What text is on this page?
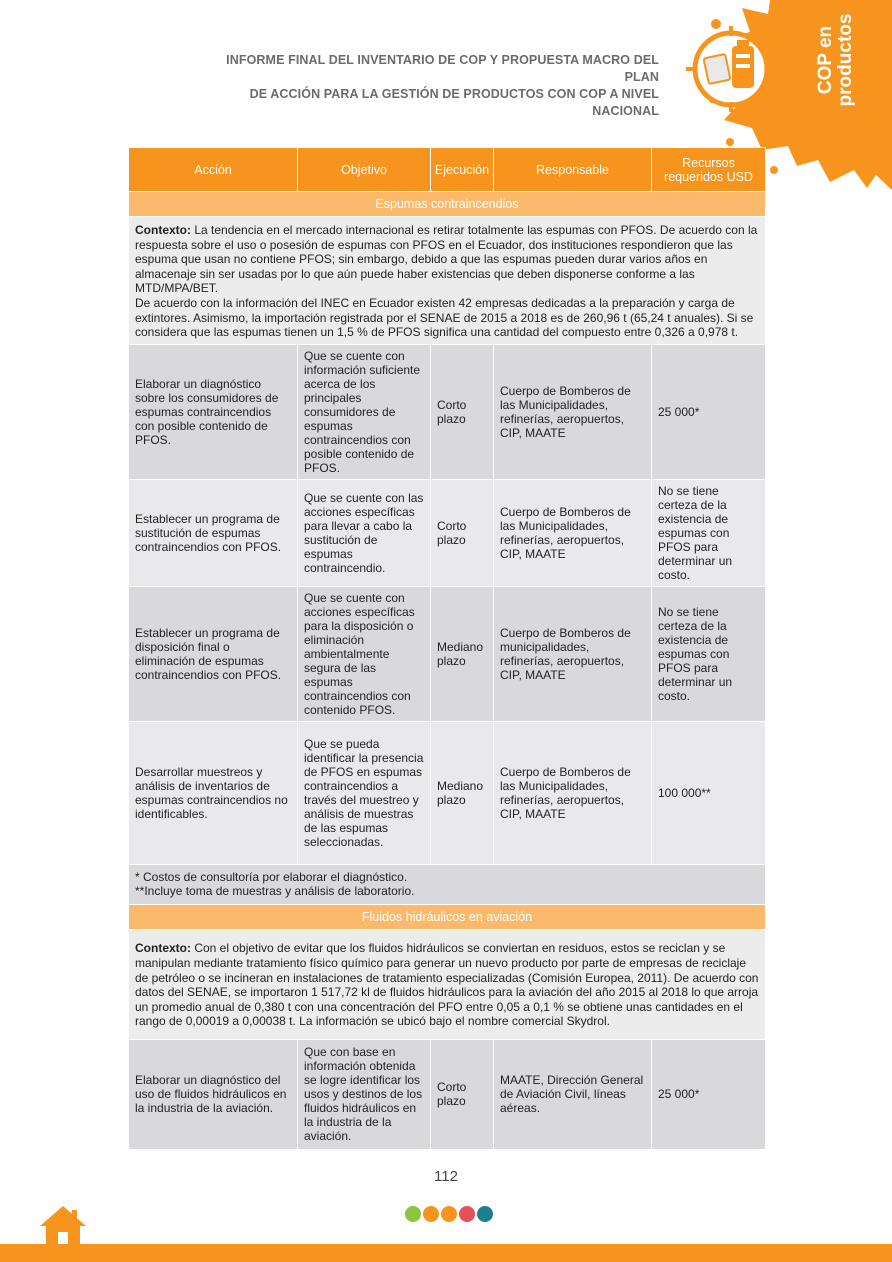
INFORME FINAL DEL INVENTARIO DE COP Y PROPUESTA MACRO DEL PLAN
DE ACCIÓN PARA LA GESTIÓN DE PRODUCTOS CON COP A NIVEL NACIONAL
COP en productos
Acción	Objetivo	Ejecución	Responsable	Recursos requeridos USD
Espumas contraincendios				
Contexto: La tendencia en el mercado internacional es retirar totalmente las espumas con PFOS. De acuerdo con la respuesta sobre el uso o posesión de espumas con PFOS en el Ecuador, dos instituciones respondieron que las espuma que usan no contiene PFOS; sin embargo, debido a que las espumas pueden durar varios años en almacenaje sin ser usadas por lo que aún puede haber existencias que deben disponerse conforme a las MTD/MPA/BET.
De acuerdo con la información del INEC en Ecuador existen 42 empresas dedicadas a la preparación y carga de extintores. Asimismo, la importación registrada por el SENAE de 2015 a 2018 es de 260,96 t (65,24 t anuales). Si se considera que las espumas tienen un 1,5 % de PFOS significa una cantidad del compuesto entre 0,326 a 0,978 t.				

Elaborar un diagnóstico sobre los consumidores de espumas contraincendios con posible contenido de PFOS.	Que se cuente con información suficiente acerca de los principales consumidores de espumas contraincendios con posible contenido de PFOS.	Corto plazo	Cuerpo de Bomberos de las Municipalidades, refinerías, aeropuertos, CIP, MAATE	25 000*
Establecer un programa de sustitución de espumas contraincendios con PFOS.	Que se cuente con las acciones específicas para llevar a cabo la sustitución de espumas contraincendio.	Corto plazo	Cuerpo de Bomberos de las Municipalidades, refinerías, aeropuertos, CIP, MAATE	No se tiene certeza de la existencia de espumas con PFOS para determinar un costo.
Establecer un programa de disposición final o eliminación de espumas contraincendios con PFOS.	Que se cuente con acciones específicas para la disposición o eliminación ambientalmente segura de las espumas contraincendios con contenido PFOS.	Mediano plazo	Cuerpo de Bomberos de municipalidades, refinerías, aeropuertos, CIP, MAATE	No se tiene certeza de la existencia de espumas con PFOS para determinar un costo.
Desarrollar muestreos y análisis de inventarios de espumas contraincendios no identificables.	Que se pueda identificar la presencia de PFOS en espumas contraincendios a través del muestreo y análisis de muestras de las espumas seleccionadas.	Mediano plazo	Cuerpo de Bomberos de las Municipalidades, refinerías, aeropuertos, CIP, MAATE	100 000**

* Costos de consultoría por elaborar el diagnóstico.
**Incluye toma de muestras y análisis de laboratorio.				

Fluidos hidráulicos en aviación				
Contexto: Con el objetivo de evitar que los fluidos hidráulicos se conviertan en residuos, estos se reciclan y se manipulan mediante tratamiento físico químico para generar un nuevo producto por parte de empresas de reciclaje de petróleo o se incineran en instalaciones de tratamiento especializadas (Comisión Europea, 2011). De acuerdo con datos del SENAE, se importaron 1 517,72 kl de fluidos hidráulicos para la aviación del año 2015 al 2018 lo que arroja un promedio anual de 0,380 t con una concentración del PFO entre 0,05 a 0,1 % se obtiene unas cantidades en el rango de 0,00019 a 0,00038 t. La información se ubicó bajo el nombre comercial Skydrol.				
Elaborar un diagnóstico del uso de fluidos hidráulicos en la industria de la aviación.	Que con base en información obtenida se logre identificar los usos y destinos de los fluidos hidráulicos en la industria de la aviación.	Corto plazo	MAATE, Dirección General de Aviación Civil, líneas aéreas.	25 000*
112
